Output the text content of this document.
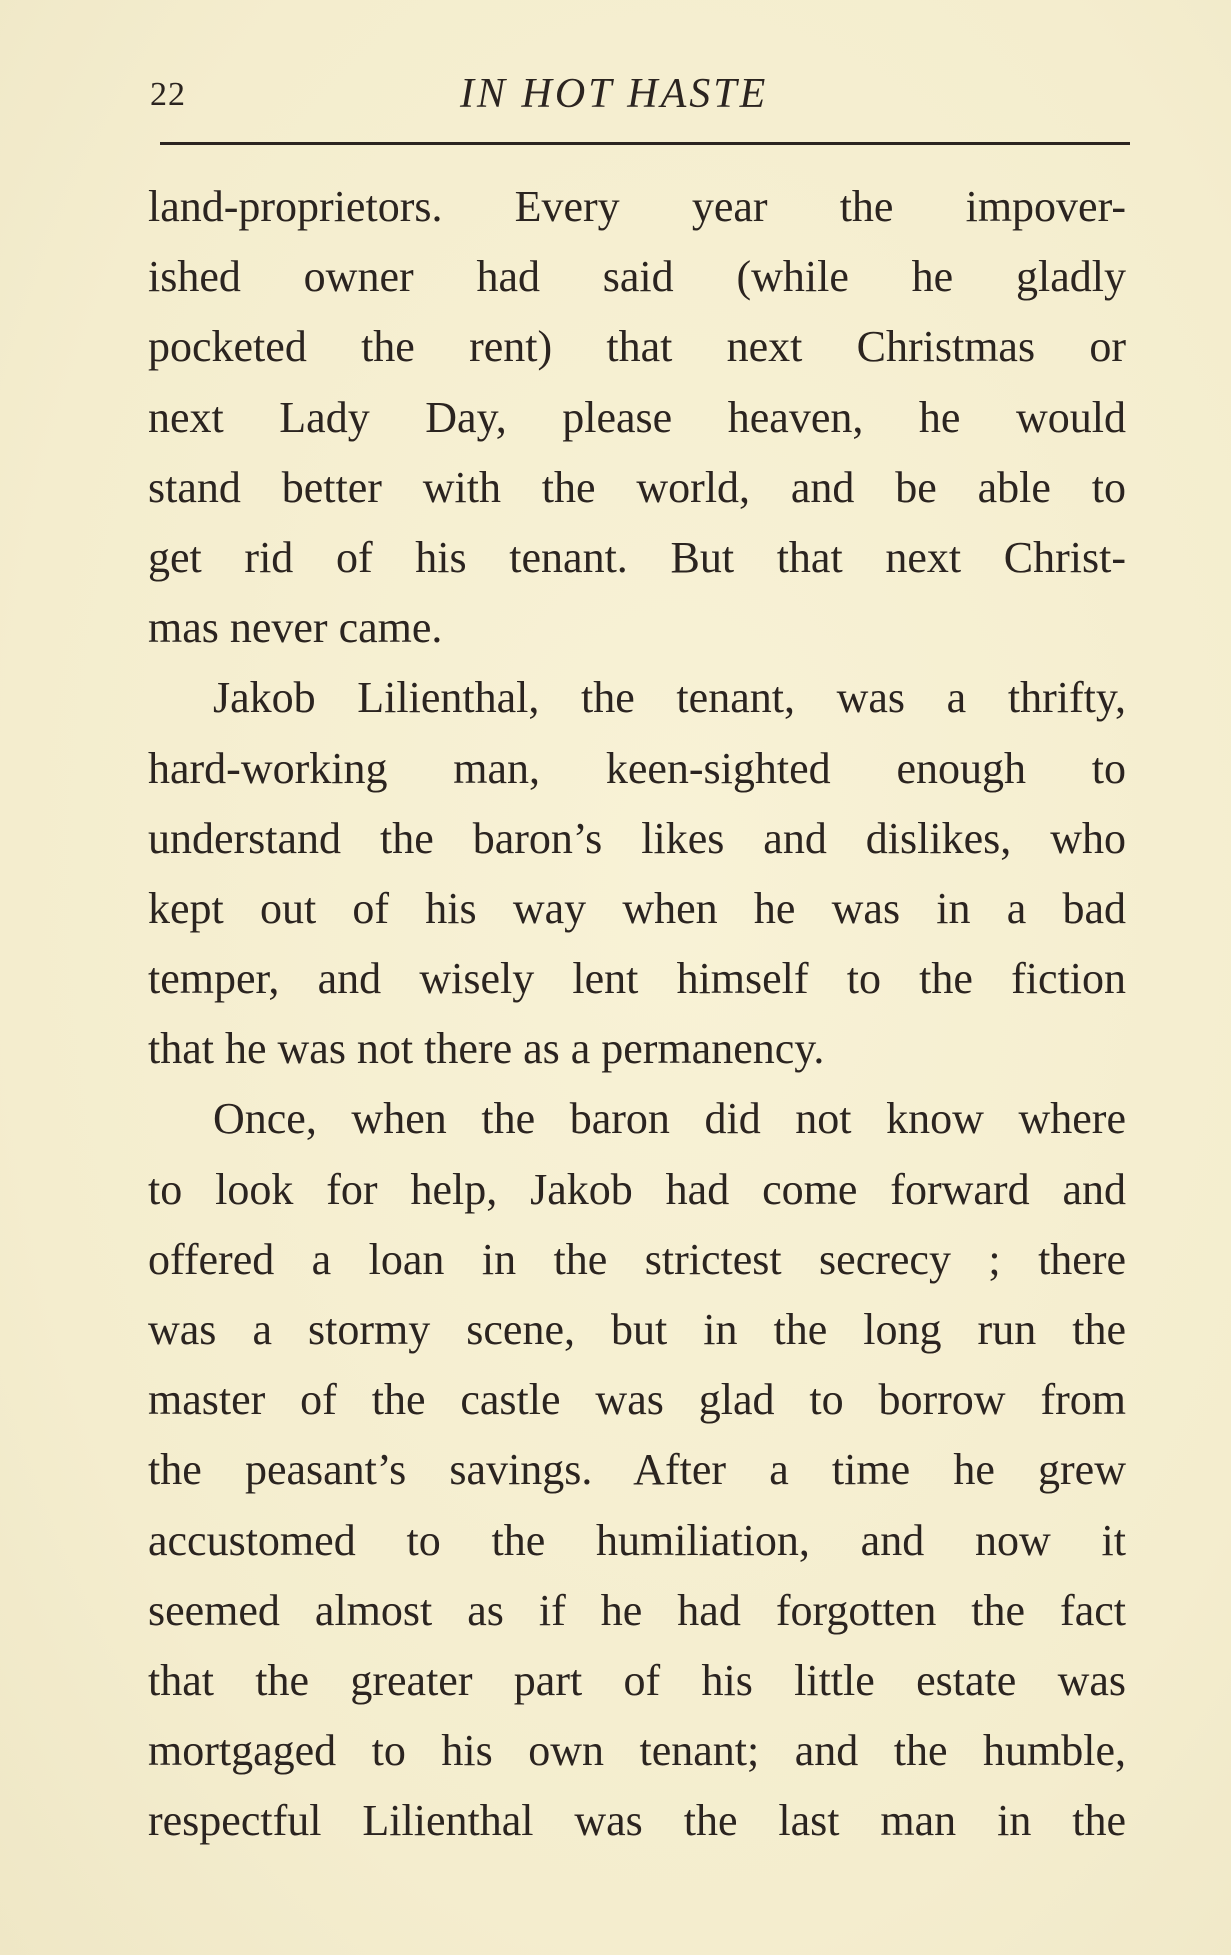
22	IN HOT HASTE
land-proprietors. Every year the impover-
ished owner had said (while he gladly
pocketed the rent) that next Christmas or
next Lady Day, please heaven, he would
stand better with the world, and be able to
get rid of his tenant. But that next Christ-
mas never came.
Jakob Lilienthal, the tenant, was a thrifty,
hard-working man, keen-sighted enough to
understand the baron’s likes and dislikes, who
kept out of his way when he was in a bad
temper, and wisely lent himself to the fiction
that he was not there as a permanency.
Once, when the baron did not know where
to look for help, Jakob had come forward and
offered a loan in the strictest secrecy ; there
was a stormy scene, but in the long run the
master of the castle was glad to borrow from
the peasant’s savings. After a time he grew
accustomed to the humiliation, and now it
seemed almost as if he had forgotten the fact
that the greater part of his little estate was
mortgaged to his own tenant; and the humble,
respectful Lilienthal was the last man in the
